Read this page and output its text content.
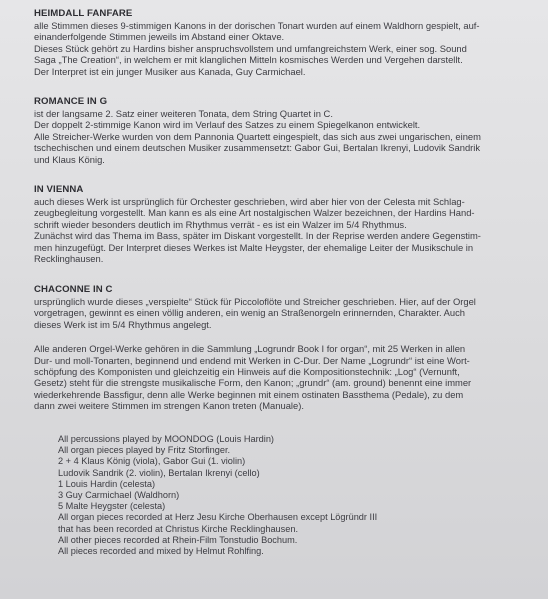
HEIMDALL FANFARE
alle Stimmen dieses 9-stimmigen Kanons in der dorischen Tonart wurden auf einem Waldhorn gespielt, auf-
einanderfolgende Stimmen jeweils im Abstand einer Oktave.
Dieses Stück gehört zu Hardins bisher anspruchsvollstem und umfangreichstem Werk, einer sog. Sound
Saga „The Creation“, in welchem er mit klanglichen Mitteln kosmisches Werden und Vergehen darstellt.
Der Interpret ist ein junger Musiker aus Kanada, Guy Carmichael.
ROMANCE IN G
ist der langsame 2. Satz einer weiteren Tonata, dem String Quartet in C.
Der doppelt 2-stimmige Kanon wird im Verlauf des Satzes zu einem Spiegelkanon entwickelt.
Alle Streicher-Werke wurden von dem Pannonia Quartett eingespielt, das sich aus zwei ungarischen, einem
tschechischen und einem deutschen Musiker zusammensetzt: Gabor Gui, Bertalan Ikrenyi, Ludovik Sandrik
und Klaus König.
IN VIENNA
auch dieses Werk ist ursprünglich für Orchester geschrieben, wird aber hier von der Celesta mit Schlag-
zeugbegleitung vorgestellt. Man kann es als eine Art nostalgischen Walzer bezeichnen, der Hardins Hand-
schrift wieder besonders deutlich im Rhythmus verrät - es ist ein Walzer im 5/4 Rhythmus.
Zunächst wird das Thema im Bass, später im Diskant vorgestellt. In der Reprise werden andere Gegenstim-
men hinzugefügt. Der Interpret dieses Werkes ist Malte Heygster, der ehemalige Leiter der Musikschule in
Recklinghausen.
CHACONNE IN C
ursprünglich wurde dieses „verspielte“ Stück für Piccoloflöte und Streicher geschrieben. Hier, auf der Orgel
vorgetragen, gewinnt es einen völlig anderen, ein wenig an Straßenorgeln erinnernden, Charakter. Auch
dieses Werk ist im 5/4 Rhythmus angelegt.
Alle anderen Orgel-Werke gehören in die Sammlung „Logrundr Book I for organ“, mit 25 Werken in allen
Dur- und moll-Tonarten, beginnend und endend mit Werken in C-Dur. Der Name „Logrundr“ ist eine Wort-
schöpfung des Komponisten und gleichzeitig ein Hinweis auf die Kompositionstechnik: „Log“ (Vernunft,
Gesetz) steht für die strengste musikalische Form, den Kanon; „grundr“ (am. ground) benennt eine immer
wiederkehrende Bassfigur, denn alle Werke beginnen mit einem ostinaten Bassthema (Pedale), zu dem
dann zwei weitere Stimmen im strengen Kanon treten (Manuale).
All percussions played by MOONDOG (Louis Hardin)
All organ pieces played by Fritz Storfinger.
2 + 4 Klaus König (viola), Gabor Gui (1. violin)
Ludovik Sandrik (2. violin), Bertalan Ikrenyi (cello)
1 Louis Hardin (celesta)
3 Guy Carmichael (Waldhorn)
5 Malte Heygster (celesta)
All organ pieces recorded at Herz Jesu Kirche Oberhausen except Lögründr III
that has been recorded at Christus Kirche Recklinghausen.
All other pieces recorded at Rhein-Film Tonstudio Bochum.
All pieces recorded and mixed by Helmut Rohlfing.
